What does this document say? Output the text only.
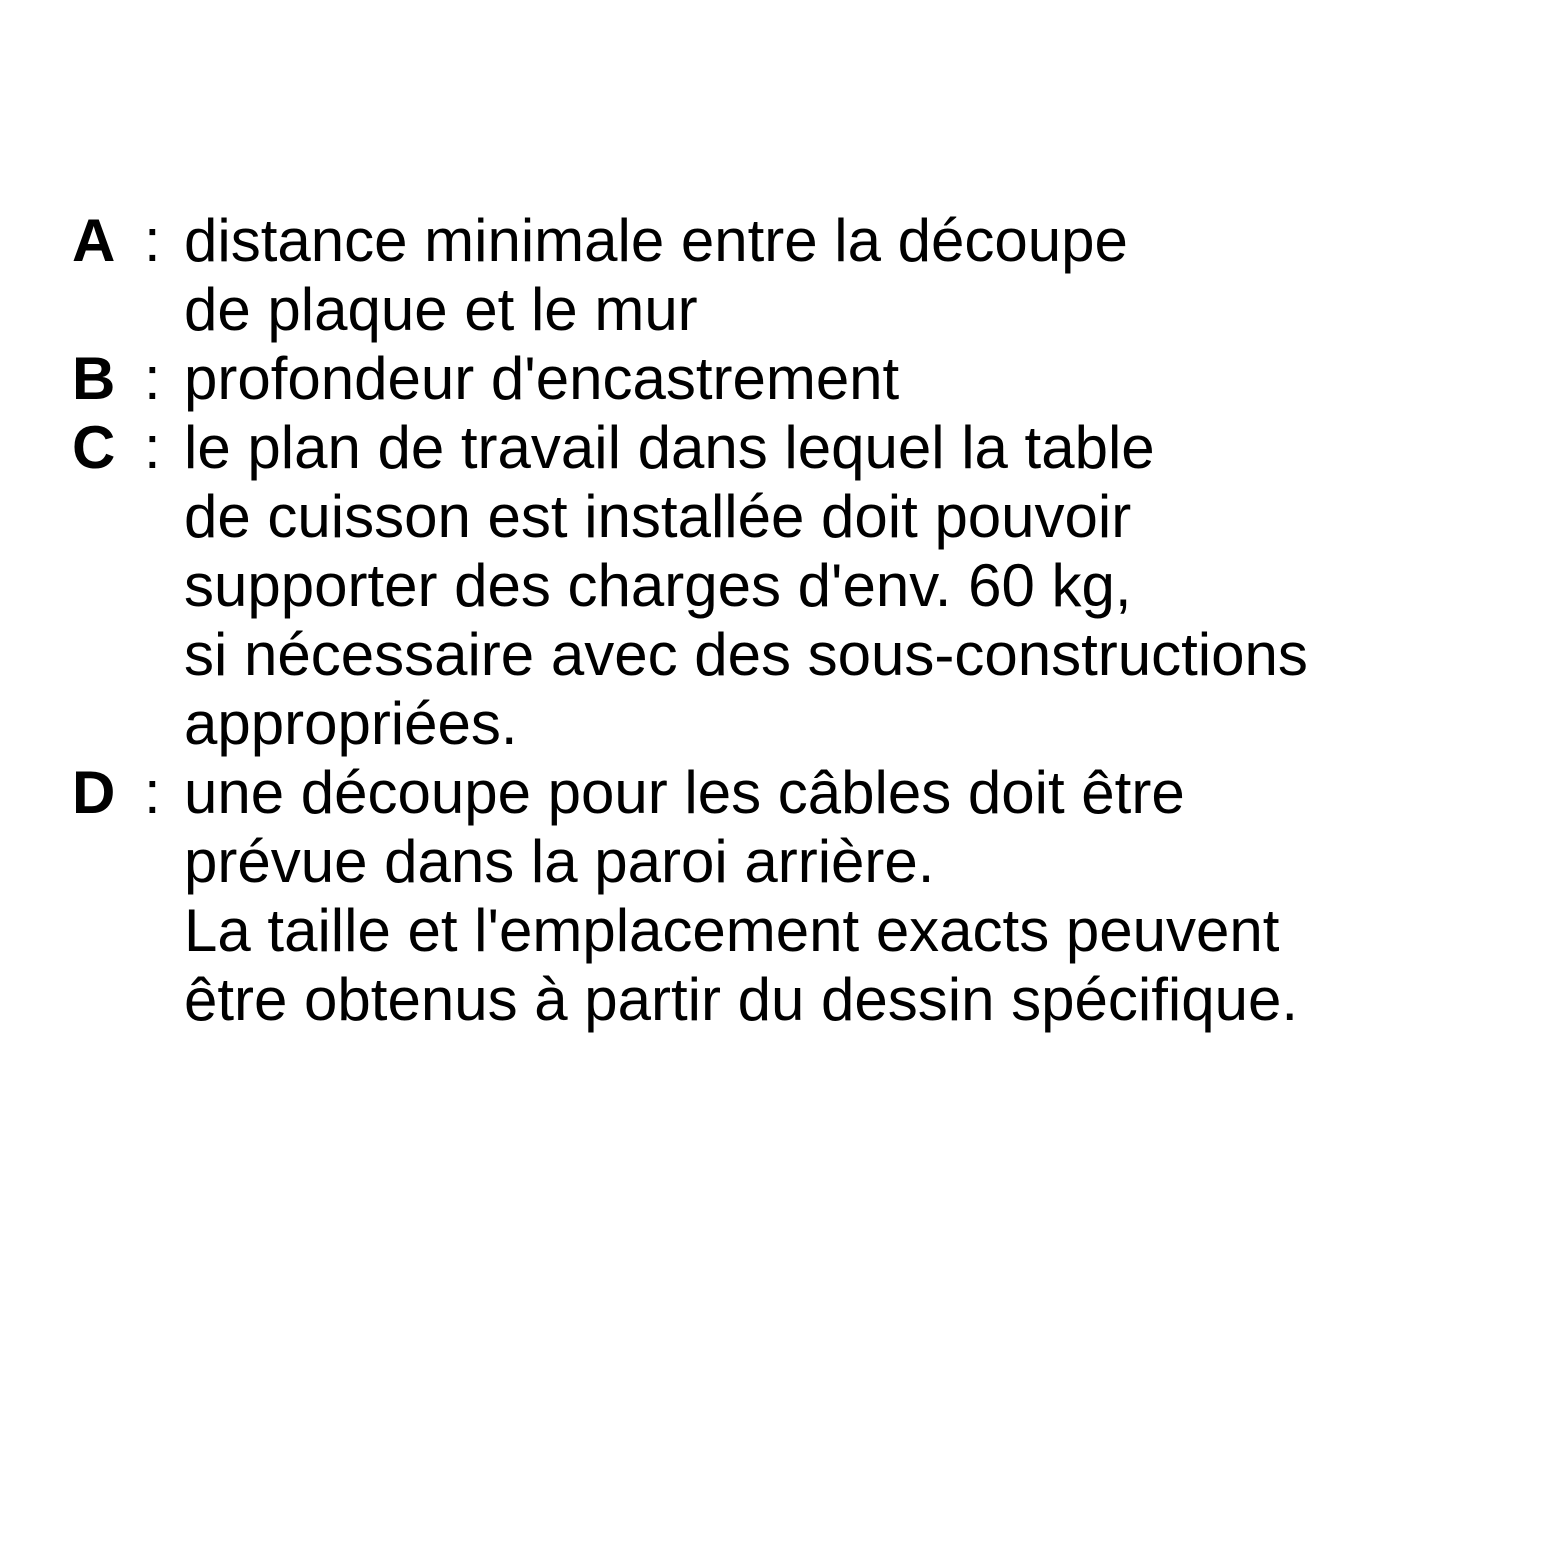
A : distance minimale entre la découpe
de plaque et le mur
B : profondeur d'encastrement
C : le plan de travail dans lequel la table
de cuisson est installée doit pouvoir
supporter des charges d'env. 60 kg,
si nécessaire avec des sous-constructions
appropriées.
D : une découpe pour les câbles doit être
prévue dans la paroi arrière.
La taille et l'emplacement exacts peuvent
être obtenus à partir du dessin spécifique.
